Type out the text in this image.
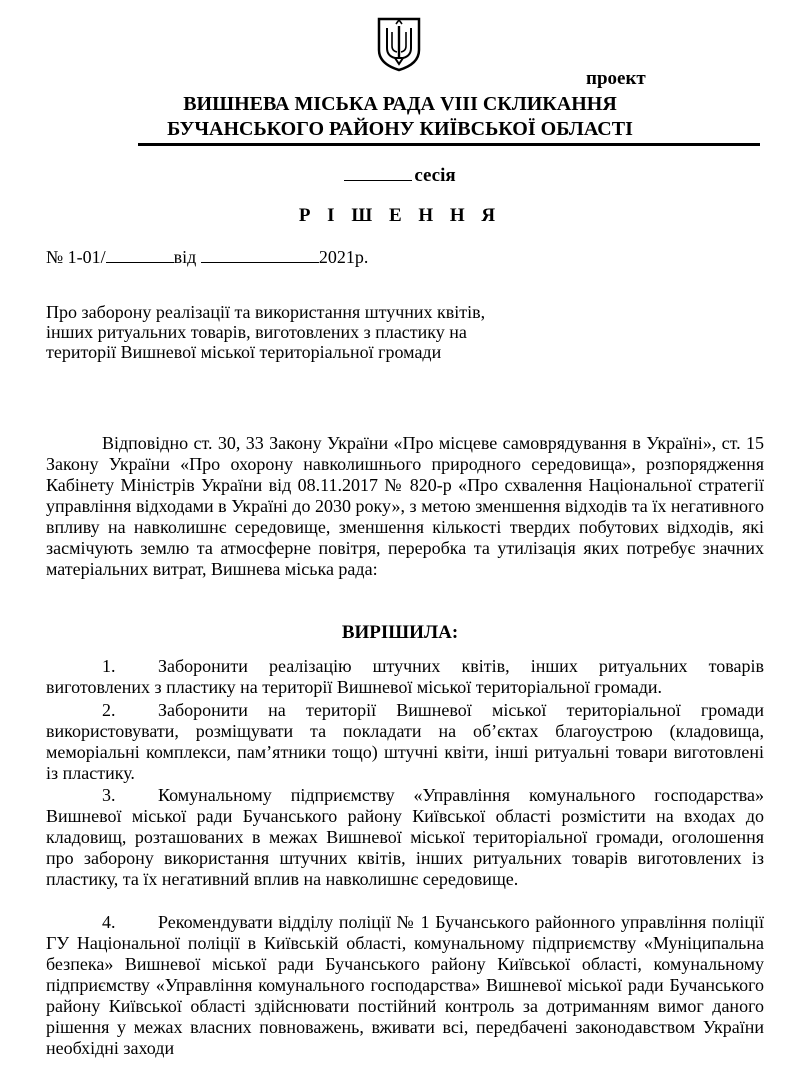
проект
ВИШНЕВА МІСЬКА РАДА VIII СКЛИКАННЯ
БУЧАНСЬКОГО РАЙОНУ КИЇВСЬКОЇ ОБЛАСТІ
сесія
Р І Ш Е Н Н Я
№ 1-01/	від	2021р.
Про заборону реалізації та використання штучних квітів, інших ритуальних товарів, виготовлених з пластику на території Вишневої міської територіальної громади
Відповідно ст. 30, 33 Закону України «Про місцеве самоврядування в Україні», ст. 15 Закону України «Про охорону навколишнього природного середовища», розпорядження Кабінету Міністрів України від 08.11.2017 № 820-р «Про схвалення Національної стратегії управління відходами в Україні до 2030 року», з метою зменшення відходів та їх негативного впливу на навколишнє середовище, зменшення кількості твердих побутових відходів, які засмічують землю та атмосферне повітря, переробка та утилізація яких потребує значних матеріальних витрат, Вишнева міська рада:
ВИРІШИЛА:
1. Заборонити реалізацію штучних квітів, інших ритуальних товарів виготовлених з пластику на території Вишневої міської територіальної громади.
2. Заборонити на території Вишневої міської територіальної громади використовувати, розміщувати та покладати на об’єктах благоустрою (кладовища, меморіальні комплекси, пам’ятники тощо) штучні квіти, інші ритуальні товари виготовлені із пластику.
3. Комунальному підприємству «Управління комунального господарства» Вишневої міської ради Бучанського району Київської області розмістити на входах до кладовищ, розташованих в межах Вишневої міської територіальної громади, оголошення про заборону використання штучних квітів, інших ритуальних товарів виготовлених із пластику, та їх негативний вплив на навколишнє середовище.
4. Рекомендувати відділу поліції № 1 Бучанського районного управління поліції ГУ Національної поліції в Київській області, комунальному підприємству «Муніципальна безпека» Вишневої міської ради Бучанського району Київської області, комунальному підприємству «Управління комунального господарства» Вишневої міської ради Бучанського району Київської області здійснювати постійний контроль за дотриманням вимог даного рішення у межах власних повноважень, вживати всі, передбачені законодавством України необхідні заходи
